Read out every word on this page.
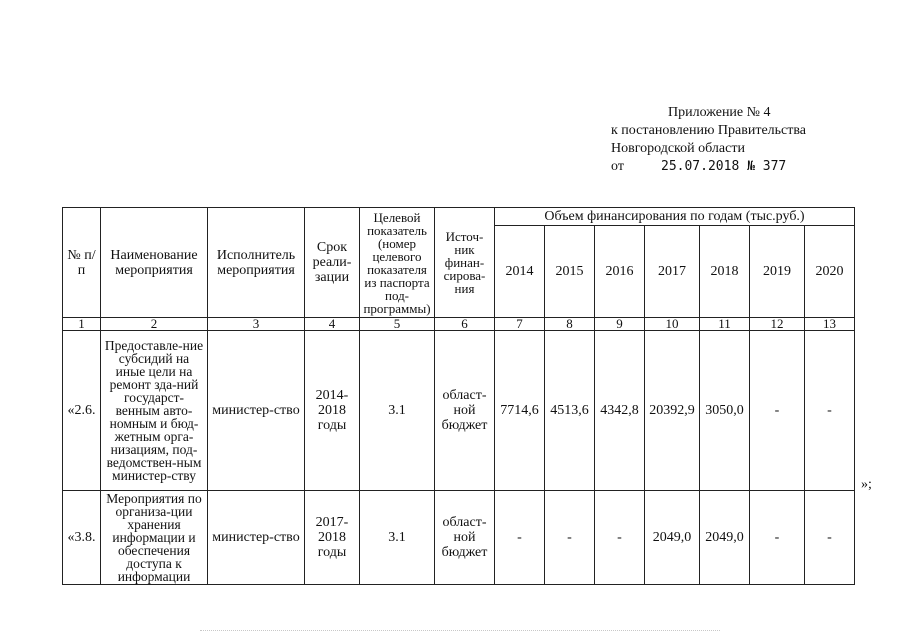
Приложение № 4
к постановлению Правительства
Новгородской области
от	25.07.2018 № 377
№ п/п	Наименование мероприятия	Исполнитель мероприятия	Срок реали-зации	Целевой показатель (номер целевого показателя из паспорта под-программы)	Источ-ник финан-сирова-ния	Объем финансирования по годам (тыс.руб.)						
						2014	2015	2016	2017	2018	2019	2020
1	2	3	4	5	6	7	8	9	10	11	12	13
«2.6.	Предоставле-ние субсидий на иные цели на ремонт зда-ний государст-венным авто-номным и бюд-жетным орга-низациям, под-ведомствен-ным министер-ству	министер-ство	2014-2018 годы	3.1	област-ной бюджет	7714,6	4513,6	4342,8	20392,9	3050,0	-	-
«3.8.	Мероприятия по организа-ции хранения информации и обеспечения доступа к информации	министер-ство	2017-2018 годы	3.1	област-ной бюджет	-	-	-	2049,0	2049,0	-	-
»;
